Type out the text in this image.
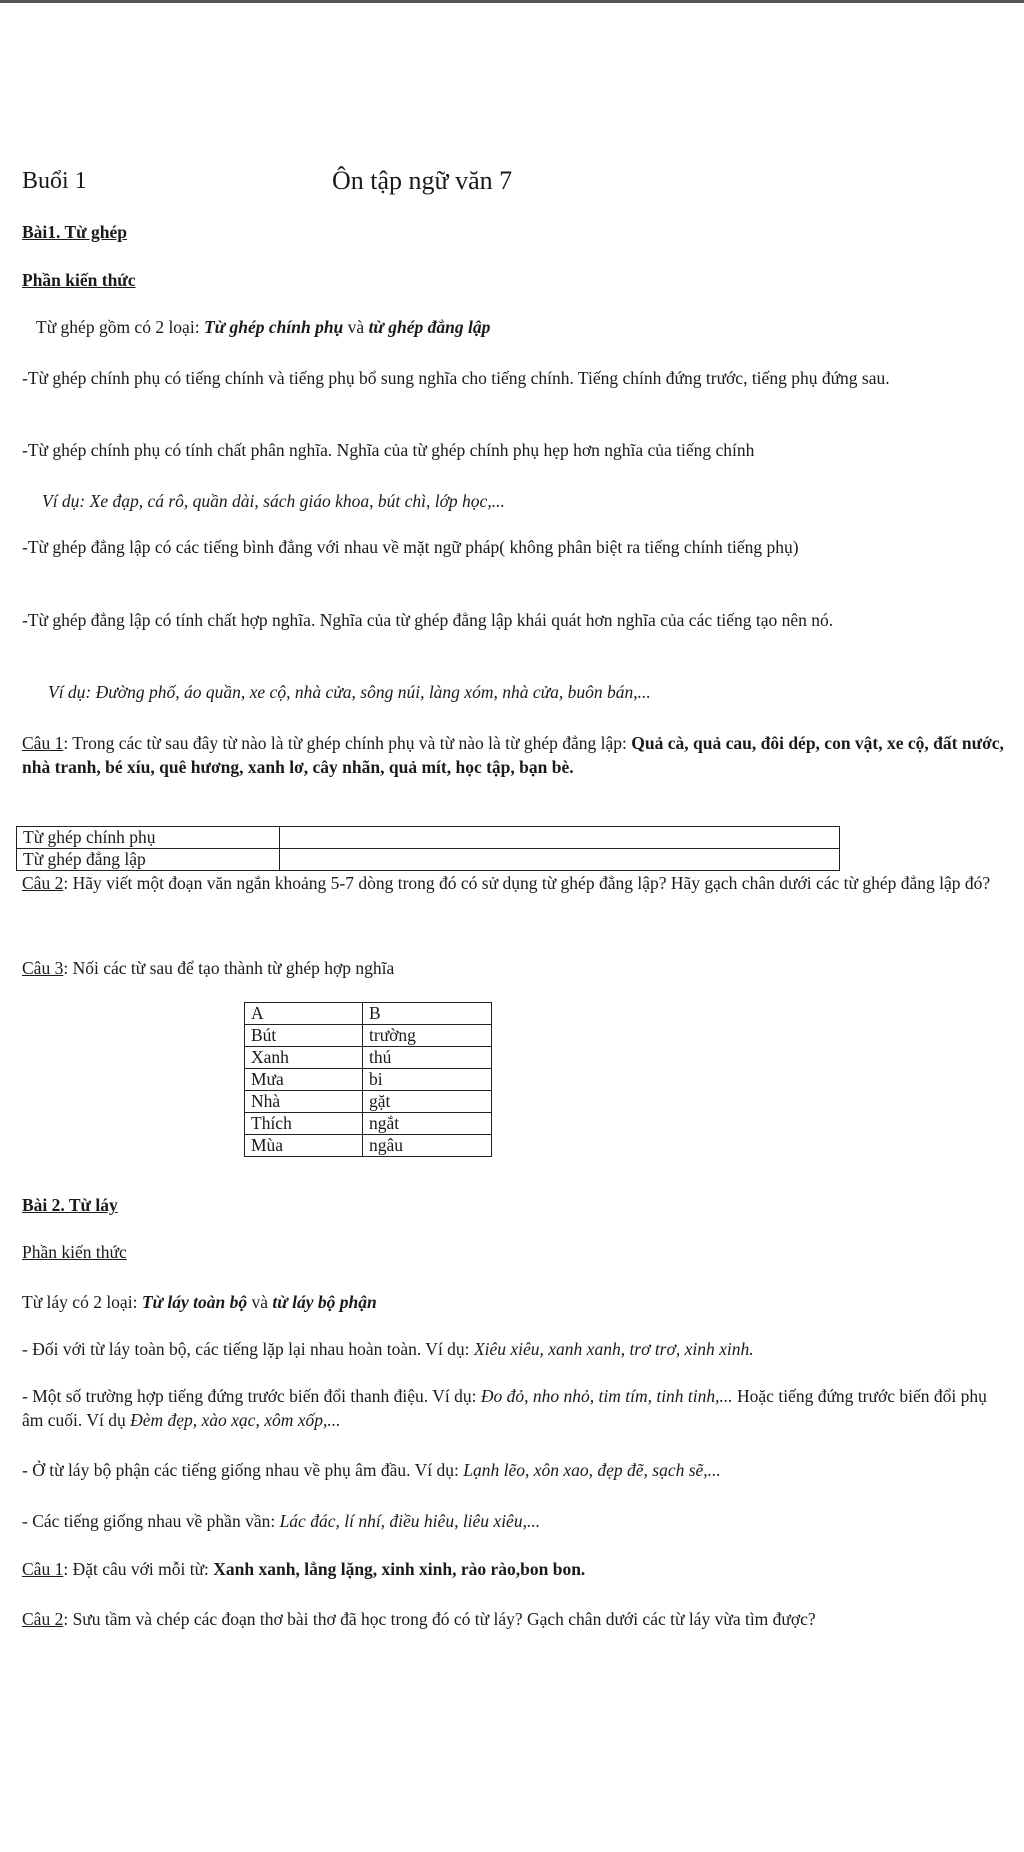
Buổi 1	Ôn tập ngữ văn 7
Bài1. Từ ghép
Phần kiến thức
Từ ghép gồm có 2 loại: Từ ghép chính phụ và từ ghép đẳng lập
-Từ ghép chính phụ có tiếng chính và tiếng phụ bổ sung nghĩa cho tiếng chính. Tiếng chính đứng trước, tiếng phụ đứng sau.
-Từ ghép chính phụ có tính chất phân nghĩa. Nghĩa của từ ghép chính phụ hẹp hơn nghĩa của tiếng chính
Ví dụ: Xe đạp, cá rô, quần dài, sách giáo khoa, bút chì, lớp học,...
-Từ ghép đẳng lập có các tiếng bình đẳng với nhau về mặt ngữ pháp( không phân biệt ra tiếng chính tiếng phụ)
-Từ ghép đẳng lập có tính chất hợp nghĩa. Nghĩa của từ ghép đẳng lập khái quát hơn nghĩa của các tiếng tạo nên nó.
Ví dụ: Đường phố, áo quần, xe cộ, nhà cửa, sông núi, làng xóm, nhà cửa, buôn bán,...
Câu 1: Trong các từ sau đây từ nào là từ ghép chính phụ và từ nào là từ ghép đẳng lập: Quả cà, quả cau, đôi dép, con vật, xe cộ, đất nước, nhà tranh, bé xíu, quê hương, xanh lơ, cây nhãn, quả mít, học tập, bạn bè.
Từ ghép chính phụ	
Từ ghép đẳng lập	
Câu 2: Hãy viết một đoạn văn ngắn khoảng 5-7 dòng trong đó có sử dụng từ ghép đẳng lập? Hãy gạch chân dưới các từ ghép đẳng lập đó?
Câu 3: Nối các từ sau để tạo thành từ ghép hợp nghĩa
A	B
Bút	trường
Xanh	thú
Mưa	bi
Nhà	gặt
Thích	ngắt
Mùa	ngâu
Bài 2. Từ láy
Phần kiến thức
Từ láy có 2 loại: Từ láy toàn bộ và từ láy bộ phận
- Đối với từ láy toàn bộ, các tiếng lặp lại nhau hoàn toàn. Ví dụ: Xiêu xiêu, xanh xanh, trơ trơ, xinh xinh.
- Một số trường hợp tiếng đứng trước biến đổi thanh điệu. Ví dụ: Đo đỏ, nho nhỏ, tim tím, tinh tinh,... Hoặc tiếng đứng trước biến đổi phụ âm cuối. Ví dụ Đèm đẹp, xào xạc, xôm xốp,...
- Ở từ láy bộ phận các tiếng giống nhau về phụ âm đầu. Ví dụ: Lạnh lẽo, xôn xao, đẹp đẽ, sạch sẽ,...
- Các tiếng giống nhau về phần vần: Lác đác, lí nhí, điều hiêu, liêu xiêu,...
Câu 1: Đặt câu với mỗi từ: Xanh xanh, lẳng lặng, xinh xinh, rào rào,bon bon.
Câu 2: Sưu tầm và chép các đoạn thơ bài thơ đã học trong đó có từ láy? Gạch chân dưới các từ láy vừa tìm được?
